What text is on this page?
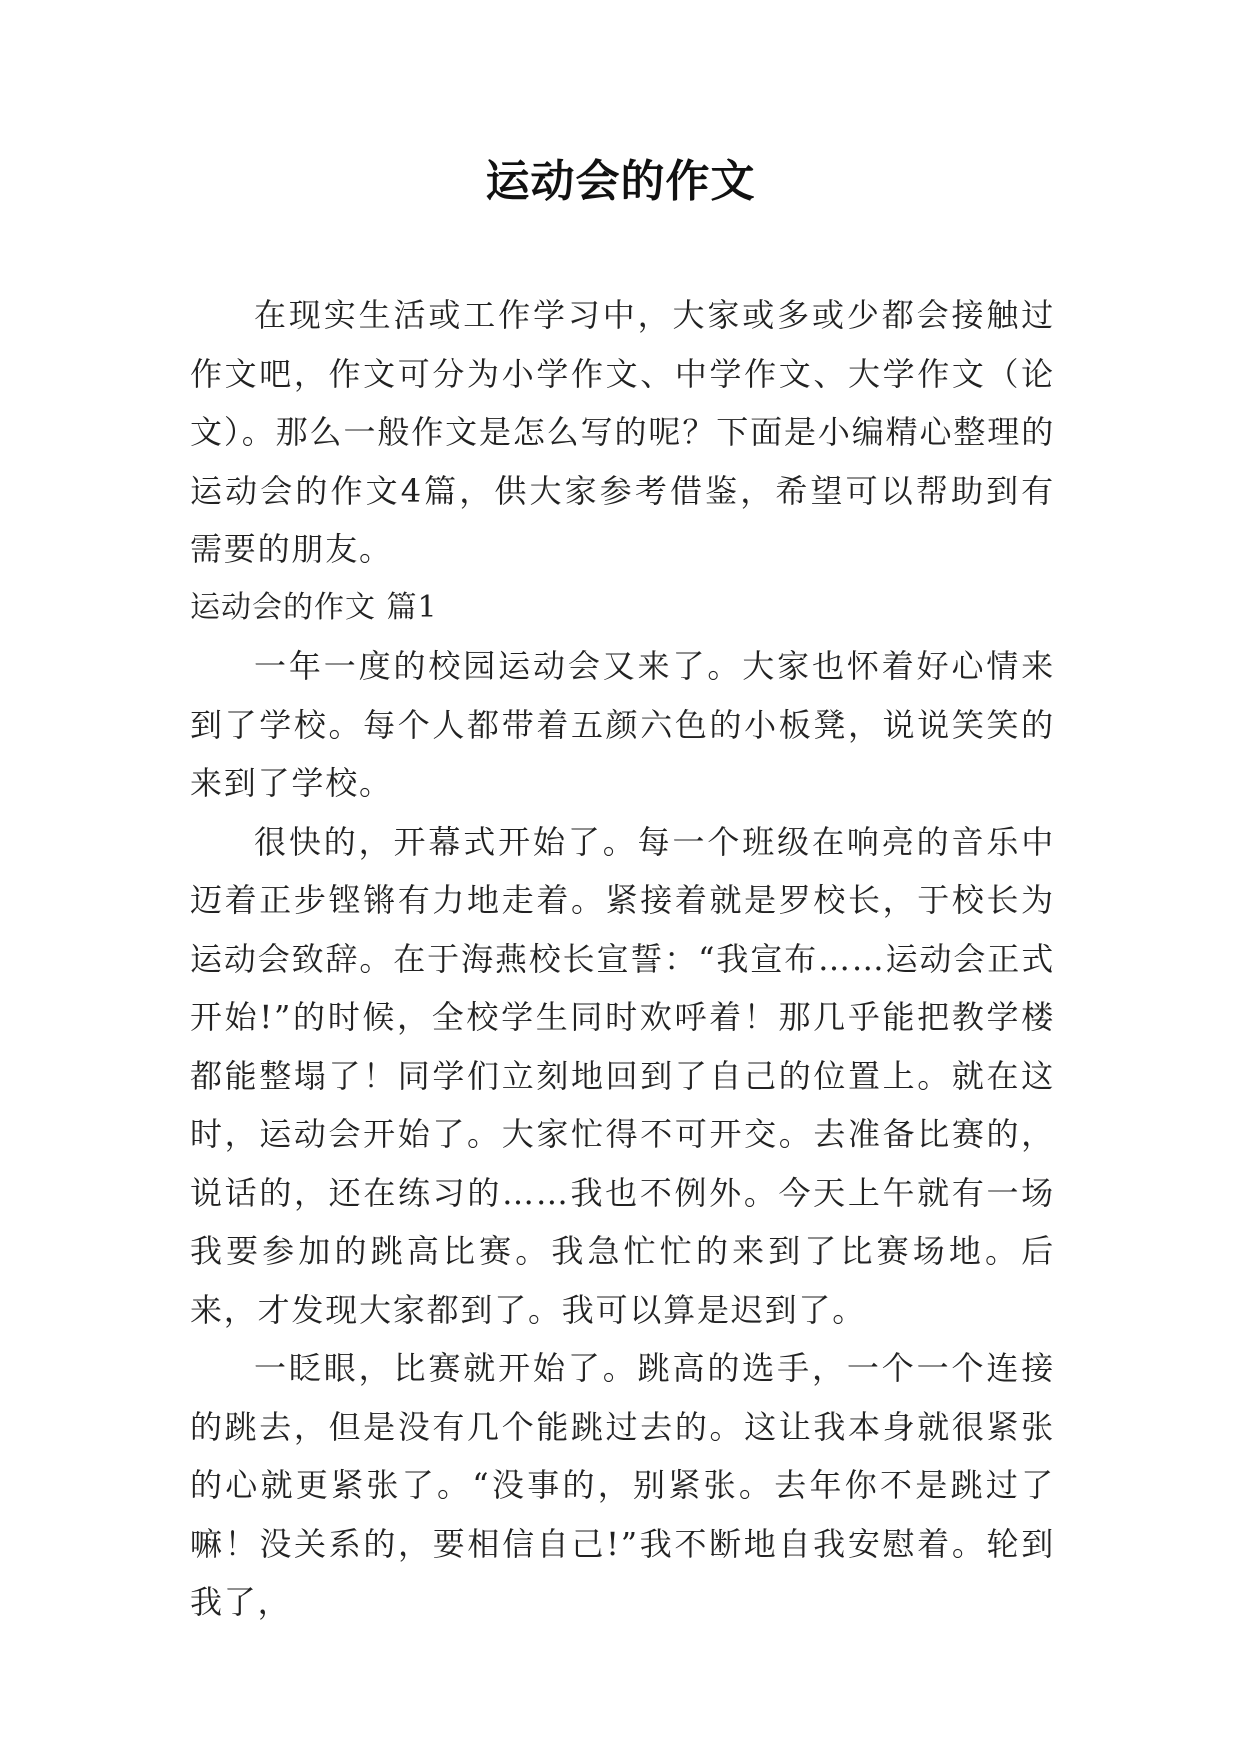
运动会的作文

在现实生活或工作学习中，大家或多或少都会接触过作文吧，作文可分为小学作文、中学作文、大学作文（论文）。那么一般作文是怎么写的呢？下面是小编精心整理的运动会的作文4篇，供大家参考借鉴，希望可以帮助到有需要的朋友。

运动会的作文 篇1

一年一度的校园运动会又来了。大家也怀着好心情来到了学校。每个人都带着五颜六色的小板凳，说说笑笑的来到了学校。

很快的，开幕式开始了。每一个班级在响亮的音乐中迈着正步铿锵有力地走着。紧接着就是罗校长，于校长为运动会致辞。在于海燕校长宣誓：“我宣布……运动会正式开始!”的时候，全校学生同时欢呼着！那几乎能把教学楼都能整塌了！同学们立刻地回到了自己的位置上。就在这时，运动会开始了。大家忙得不可开交。去准备比赛的，说话的，还在练习的……我也不例外。今天上午就有一场我要参加的跳高比赛。我急忙忙的来到了比赛场地。后来，才发现大家都到了。我可以算是迟到了。

一眨眼，比赛就开始了。跳高的选手，一个一个连接的跳去，但是没有几个能跳过去的。这让我本身就很紧张的心就更紧张了。“没事的，别紧张。去年你不是跳过了嘛！没关系的，要相信自己!”我不断地自我安慰着。轮到我了，
